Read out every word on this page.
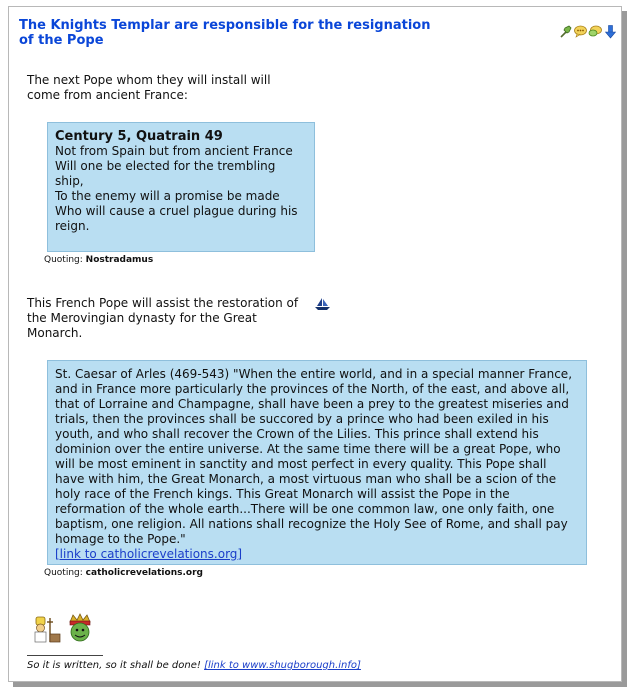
The Knights Templar are responsible for the resignation of the Pope

The next Pope whom they will install will come from ancient France:

Century 5, Quatrain 49

Not from Spain but from ancient France

Will one be elected for the trembling ship,

To the enemy will a promise be made

Who will cause a cruel plague during his reign.

Quoting: Nostradamus

This French Pope will assist the restoration of the Merovingian dynasty for the Great Monarch.

St. Caesar of Arles (469-543) "When the entire world, and in a special manner France, and in France more particularly the provinces of the North, of the east, and above all, that of Lorraine and Champagne, shall have been a prey to the greatest miseries and trials, then the provinces shall be succored by a prince who had been exiled in his youth, and who shall recover the Crown of the Lilies. This prince shall extend his dominion over the entire universe. At the same time there will be a great Pope, who will be most eminent in sanctity and most perfect in every quality. This Pope shall have with him, the Great Monarch, a most virtuous man who shall be a scion of the holy race of the French kings. This Great Monarch will assist the Pope in the reformation of the whole earth...There will be one common law, one only faith, one baptism, one religion. All nations shall recognize the Holy See of Rome, and shall pay homage to the Pope."

[link to catholicrevelations.org]

Quoting: catholicrevelations.org

So it is written, so it shall be done! [link to www.shugborough.info]
